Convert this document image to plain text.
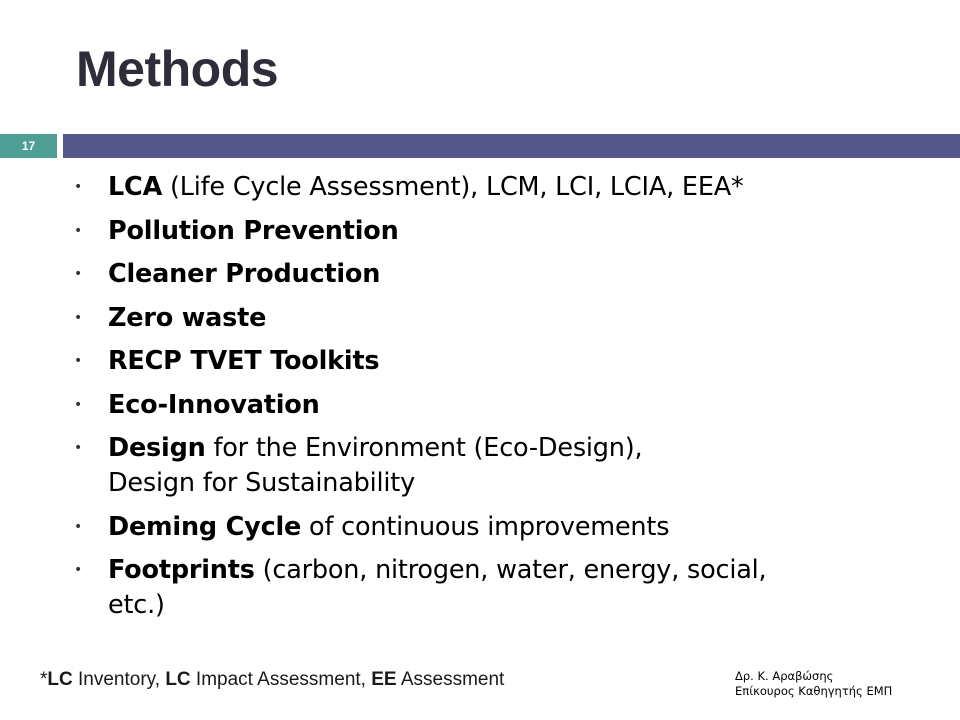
Methods
17
• LCA (Life Cycle Assessment), LCM, LCI, LCIA, EEA*
• Pollution Prevention
• Cleaner Production
• Zero waste
• RECP TVET Toolkits
• Eco-Innovation
• Design for the Environment (Eco-Design),
Design for Sustainability
• Deming Cycle of continuous improvements
• Footprints (carbon, nitrogen, water, energy, social,
etc.)

*LC Inventory, LC Impact Assessment, EE Assessment	Δρ. Κ. Αραβώσης
Επίκουρος Καθηγητής ΕΜΠ
